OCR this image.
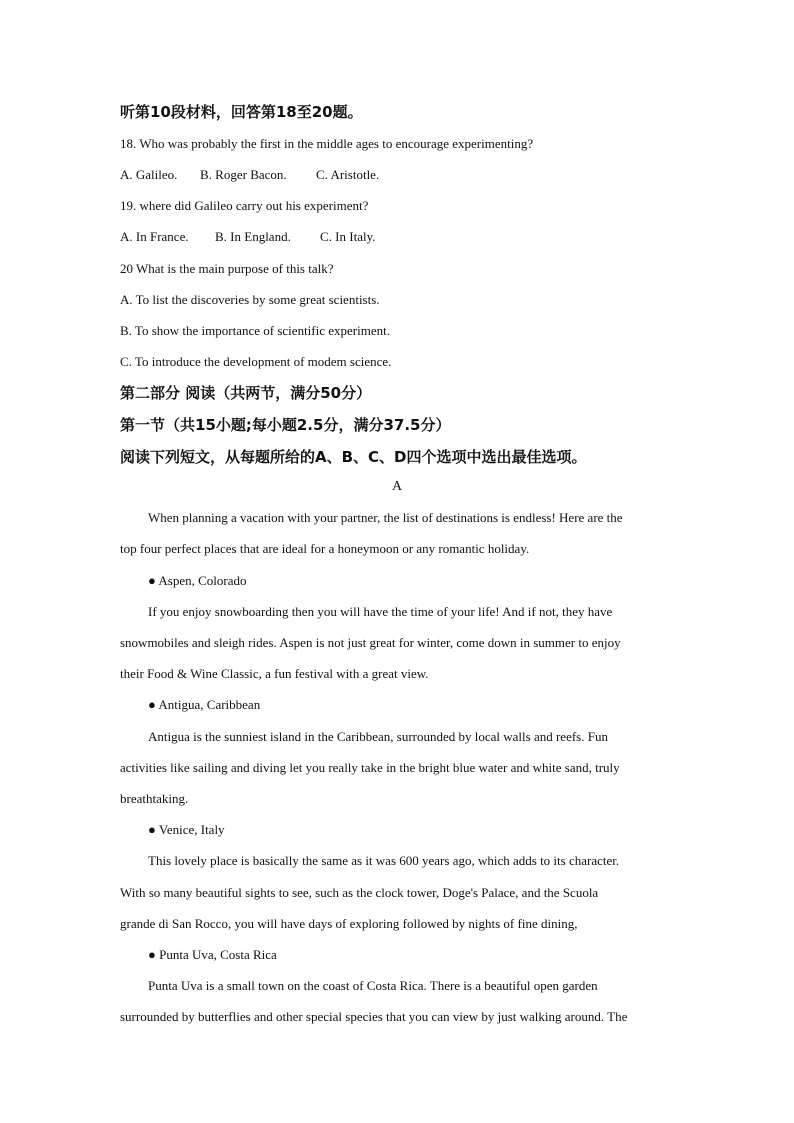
听第10段材料，回答第18至20题。
18. Who was probably the first in the middle ages to encourage experimenting?
A. Galileo. B. Roger Bacon. C. Aristotle.
19. where did Galileo carry out his experiment?
A. In France. B. In England. C. In Italy.
20 What is the main purpose of this talk?
A. To list the discoveries by some great scientists.
B. To show the importance of scientific experiment.
C. To introduce the development of modem science.
第二部分 阅读（共两节，满分50分）
第一节（共15小题;每小题2.5分，满分37.5分）
阅读下列短文，从每题所给的A、B、C、D四个选项中选出最佳选项。
A
When planning a vacation with your partner, the list of destinations is endless! Here are the
top four perfect places that are ideal for a honeymoon or any romantic holiday.
● Aspen, Colorado
If you enjoy snowboarding then you will have the time of your life! And if not, they have
snowmobiles and sleigh rides. Aspen is not just great for winter, come down in summer to enjoy
their Food & Wine Classic, a fun festival with a great view.
● Antigua, Caribbean
Antigua is the sunniest island in the Caribbean, surrounded by local walls and reefs. Fun
activities like sailing and diving let you really take in the bright blue water and white sand, truly
breathtaking.
● Venice, Italy
This lovely place is basically the same as it was 600 years ago, which adds to its character.
With so many beautiful sights to see, such as the clock tower, Doge's Palace, and the Scuola
grande di San Rocco, you will have days of exploring followed by nights of fine dining,
● Punta Uva, Costa Rica
Punta Uva is a small town on the coast of Costa Rica. There is a beautiful open garden
surrounded by butterflies and other special species that you can view by just walking around. The
